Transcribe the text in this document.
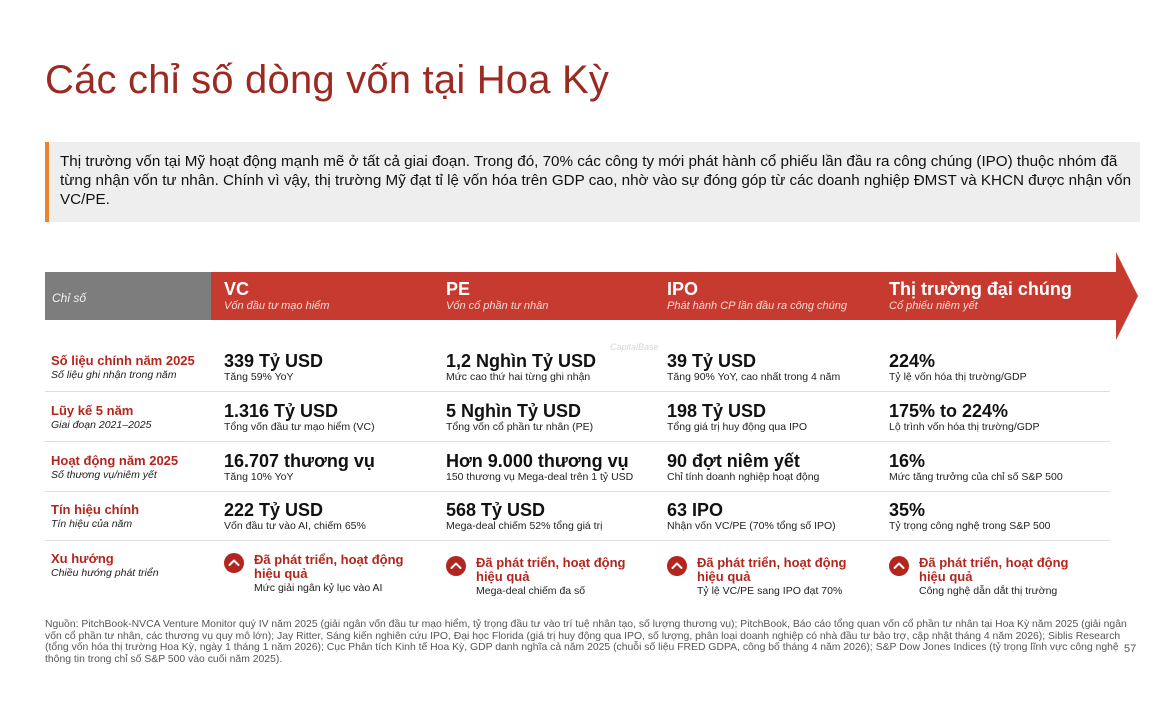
Các chỉ số dòng vốn tại Hoa Kỳ
Thị trường vốn tại Mỹ hoạt động mạnh mẽ ở tất cả giai đoạn. Trong đó, 70% các công ty mới phát hành cổ phiếu lần đầu ra công chúng (IPO) thuộc nhóm đã từng nhận vốn tư nhân. Chính vì vậy, thị trường Mỹ đạt tỉ lệ vốn hóa trên GDP cao, nhờ vào sự đóng góp từ các doanh nghiệp ĐMST và KHCN được nhận vốn VC/PE.
Chỉ số	VC
Vốn đầu tư mạo hiểm
PE
Vốn cổ phần tư nhân
IPO
Phát hành CP lần đầu ra công chúng
Thị trường đại chúng
Cổ phiếu niêm yết
CapitalBase
Số liệu chính năm 2025
Số liệu ghi nhận trong năm
339 Tỷ USD
Tăng 59% YoY
1,2 Nghìn Tỷ USD
Mức cao thứ hai từng ghi nhận
39 Tỷ USD
Tăng 90% YoY, cao nhất trong 4 năm
224%
Tỷ lệ vốn hóa thị trường/GDP
Lũy kế 5 năm
Giai đoạn 2021–2025
1.316 Tỷ USD
Tổng vốn đầu tư mạo hiểm (VC)
5 Nghìn Tỷ USD
Tổng vốn cổ phần tư nhân (PE)
198 Tỷ USD
Tổng giá trị huy động qua IPO
175% to 224%
Lộ trình vốn hóa thị trường/GDP
Hoạt động năm 2025
Số thương vụ/niêm yết
16.707 thương vụ
Tăng 10% YoY
Hơn 9.000 thương vụ
150 thương vụ Mega-deal trên 1 tỷ USD
90 đợt niêm yết
Chỉ tính doanh nghiệp hoạt động
16%
Mức tăng trưởng của chỉ số S&P 500
Tín hiệu chính
Tín hiệu của năm
222 Tỷ USD
Vốn đầu tư vào AI, chiếm 65%
568 Tỷ USD
Mega-deal chiếm 52% tổng giá trị
63 IPO
Nhận vốn VC/PE (70% tổng số IPO)
35%
Tỷ trọng công nghệ trong S&P 500
Xu hướng
Chiều hướng phát triển
Đã phát triển, hoạt động
hiệu quả
Mức giải ngân kỷ lục vào AI
Đã phát triển, hoạt động
hiệu quả
Mega-deal chiếm đa số
Đã phát triển, hoạt động
hiệu quả
Tỷ lệ VC/PE sang IPO đạt 70%
Đã phát triển, hoạt động
hiệu quả
Công nghệ dẫn dắt thị trường
Nguồn: PitchBook-NVCA Venture Monitor quý IV năm 2025 (giải ngân vốn đầu tư mạo hiểm, tỷ trọng đầu tư vào trí tuệ nhân tạo, số lượng thương vụ); PitchBook, Báo cáo tổng quan vốn cổ phần tư nhân tại Hoa Kỳ năm 2025 (giải ngân vốn cổ phần tư nhân, các thương vụ quy mô lớn); Jay Ritter, Sáng kiến nghiên cứu IPO, Đại học Florida (giá trị huy động qua IPO, số lượng, phân loại doanh nghiệp có nhà đầu tư bảo trợ, cập nhật tháng 4 năm 2026); Siblis Research (tổng vốn hóa thị trường Hoa Kỳ, ngày 1 tháng 1 năm 2026); Cục Phân tích Kinh tế Hoa Kỳ, GDP danh nghĩa cả năm 2025 (chuỗi số liệu FRED GDPA, công bố tháng 4 năm 2026); S&P Dow Jones Indices (tỷ trọng lĩnh vực công nghệ thông tin trong chỉ số S&P 500 vào cuối năm 2025).
57
